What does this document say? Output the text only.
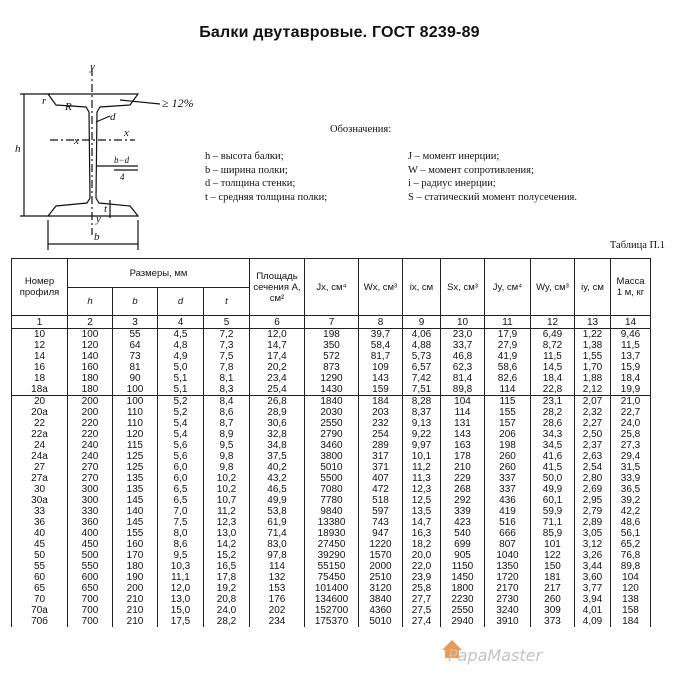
Балки двутавровые. ГОСТ 8239-89
y
x
x
h
b
d
r R
t
b−d
4
y
≥ 12%
Обозначения:
h – высота балки;
b – ширина полки;
d – толщина стенки;
t – средняя толщина полки;
J – момент инерции;
W – момент сопротивления;
i – радиус инерции;
S – статический момент полусечения.
Таблица П.1
Номер профиля	Размеры, мм				Площадь сечения A, см²	Jx, см⁴	Wx, см³	ix, см	Sx, см³	Jy, см⁴	Wy, см³	iy, см	Масса 1 м, кг
	h	b	d	t									
1	2	3	4	5	6	7	8	9	10	11	12	13	14
10	100	55	4,5	7,2	12,0	198	39,7	4,06	23,0	17,9	6,49	1,22	9,46
12	120	64	4,8	7,3	14,7	350	58,4	4,88	33,7	27,9	8,72	1,38	11,5
14	140	73	4,9	7,5	17,4	572	81,7	5,73	46,8	41,9	11,5	1,55	13,7
16	160	81	5,0	7,8	20,2	873	109	6,57	62,3	58,6	14,5	1,70	15,9
18	180	90	5,1	8,1	23,4	1290	143	7,42	81,4	82,6	18,4	1,88	18,4
18а	180	100	5,1	8,3	25,4	1430	159	7,51	89,8	114	22,8	2,12	19,9
20	200	100	5,2	8,4	26,8	1840	184	8,28	104	115	23,1	2,07	21,0
20а	200	110	5,2	8,6	28,9	2030	203	8,37	114	155	28,2	2,32	22,7
22	220	110	5,4	8,7	30,6	2550	232	9,13	131	157	28,6	2,27	24,0
22а	220	120	5,4	8,9	32,8	2790	254	9,22	143	206	34,3	2,50	25,8
24	240	115	5,6	9,5	34,8	3460	289	9,97	163	198	34,5	2,37	27,3
24а	240	125	5,6	9,8	37,5	3800	317	10,1	178	260	41,6	2,63	29,4
27	270	125	6,0	9,8	40,2	5010	371	11,2	210	260	41,5	2,54	31,5
27а	270	135	6,0	10,2	43,2	5500	407	11,3	229	337	50,0	2,80	33,9
30	300	135	6,5	10,2	46,5	7080	472	12,3	268	337	49,9	2,69	36,5
30а	300	145	6,5	10,7	49,9	7780	518	12,5	292	436	60,1	2,95	39,2
33	330	140	7,0	11,2	53,8	9840	597	13,5	339	419	59,9	2,79	42,2
36	360	145	7,5	12,3	61,9	13380	743	14,7	423	516	71,1	2,89	48,6
40	400	155	8,0	13,0	71,4	18930	947	16,3	540	666	85,9	3,05	56,1
45	450	160	8,6	14,2	83,0	27450	1220	18,2	699	807	101	3,12	65,2
50	500	170	9,5	15,2	97,8	39290	1570	20,0	905	1040	122	3,26	76,8
55	550	180	10,3	16,5	114	55150	2000	22,0	1150	1350	150	3,44	89,8
60	600	190	11,1	17,8	132	75450	2510	23,9	1450	1720	181	3,60	104
65	650	200	12,0	19,2	153	101400	3120	25,8	1800	2170	217	3,77	120
70	700	210	13,0	20,8	176	134600	3840	27,7	2230	2730	260	3,94	138
70а	700	210	15,0	24,0	202	152700	4360	27,5	2550	3240	309	4,01	158
70б	700	210	17,5	28,2	234	175370	5010	27,4	2940	3910	373	4,09	184
PapaMaster
